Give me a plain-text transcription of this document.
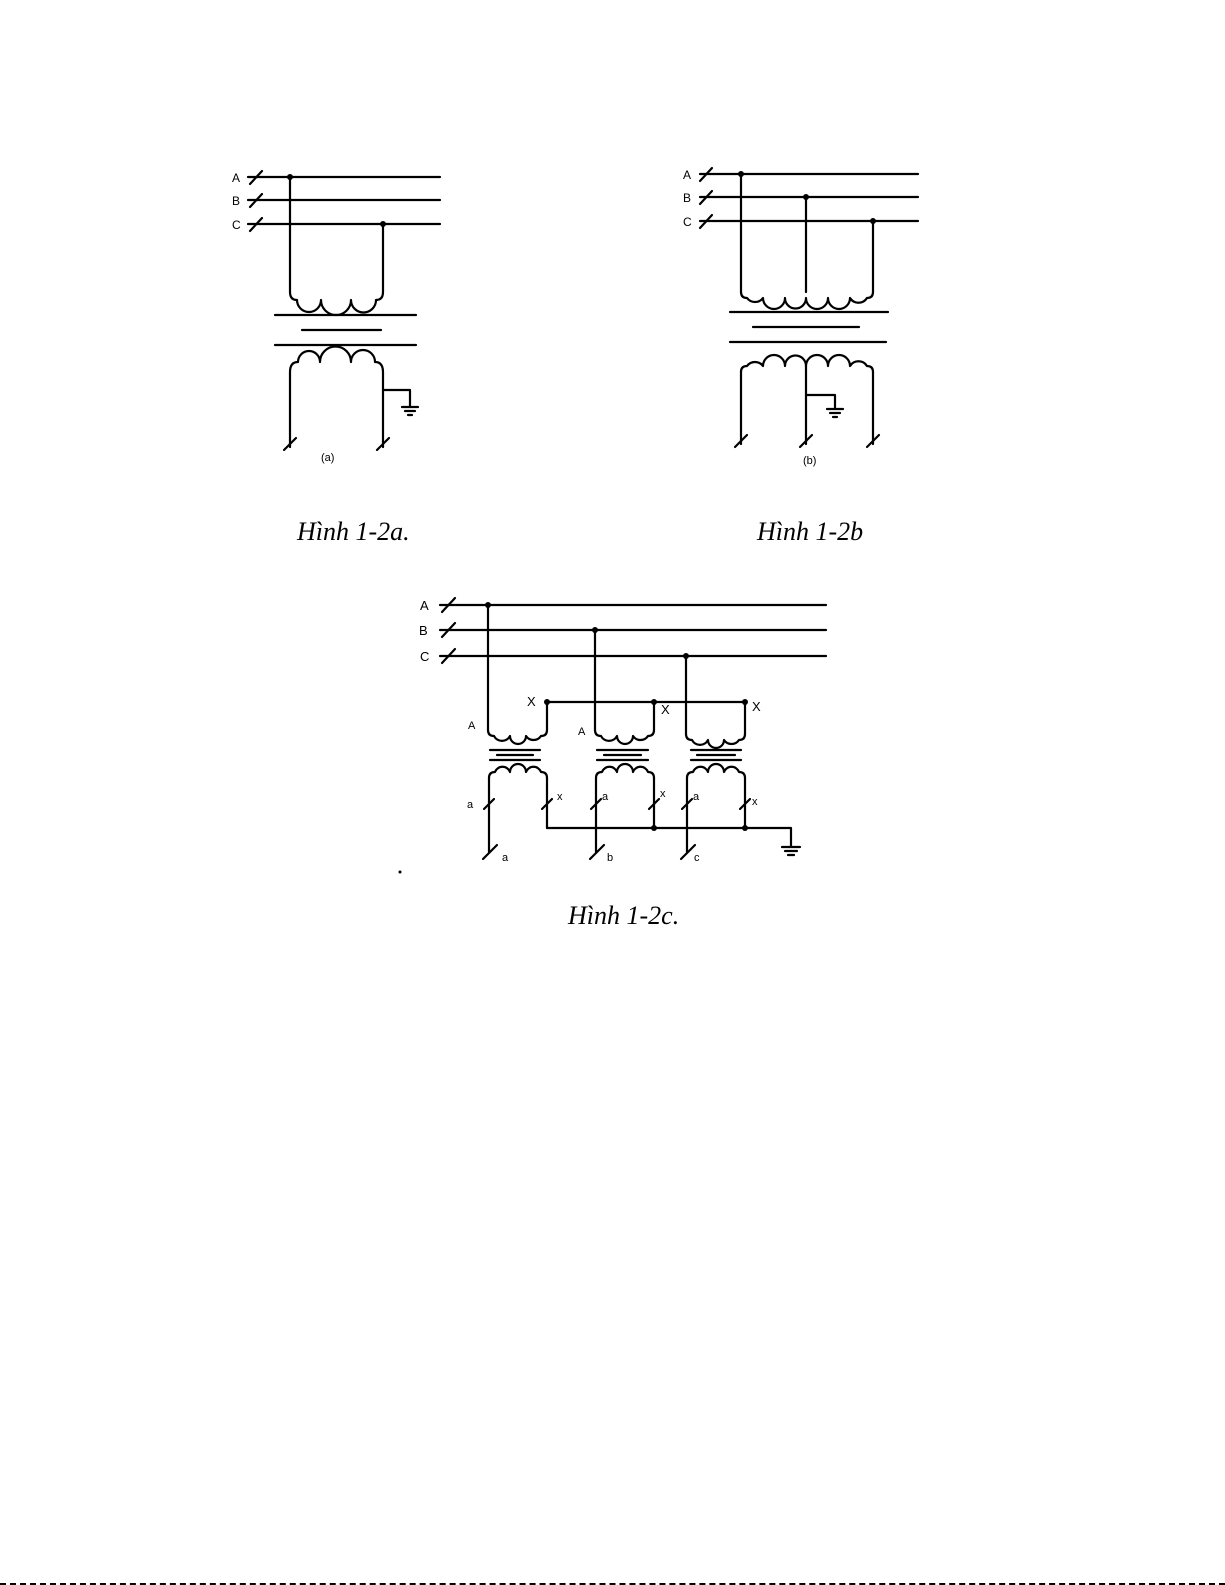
A
B
C
(a)
A
B
C
(b)
Hình 1-2a.	Hình 1-2b
A
B
C
X
A
a
x
a
X
A
a	x
b
X
a	x
c
Hình 1-2c.
